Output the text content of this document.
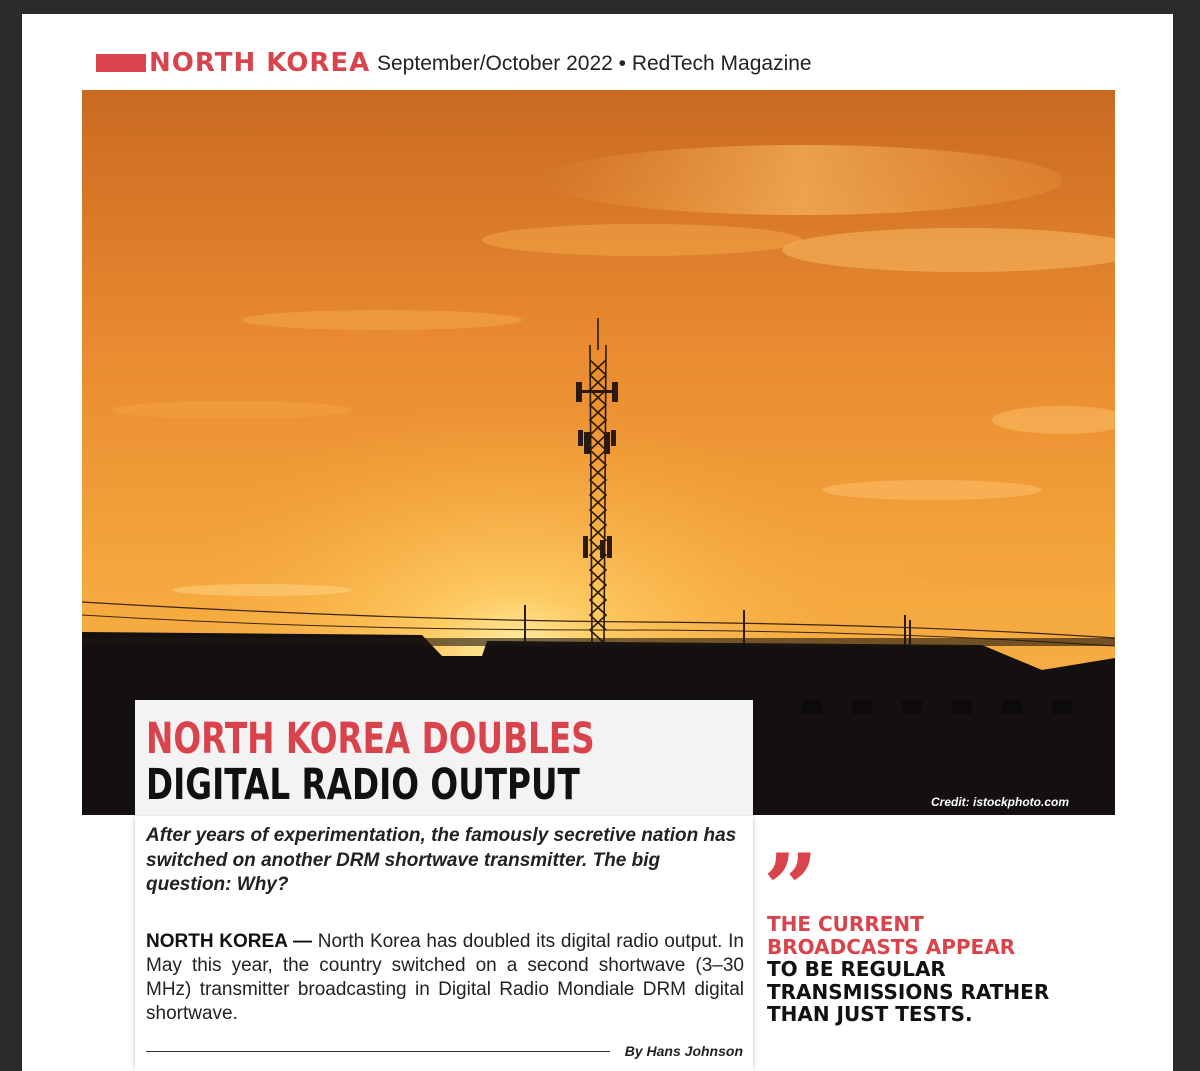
NORTH KOREA September/October 2022 • RedTech Magazine
Credit: istockphoto.com
NORTH KOREA DOUBLES
DIGITAL RADIO OUTPUT
After years of experimentation, the famously secretive nation has switched on another DRM shortwave transmitter. The big question: Why?
NORTH KOREA — North Korea has doubled its digital radio output. In May this year, the country switched on a second shortwave (3–30 MHz) transmitter broadcasting in Digital Radio Mondiale DRM digital shortwave.
By Hans Johnson
THE CURRENT BROADCASTS APPEAR
TO BE REGULAR TRANSMISSIONS RATHER THAN JUST TESTS.
